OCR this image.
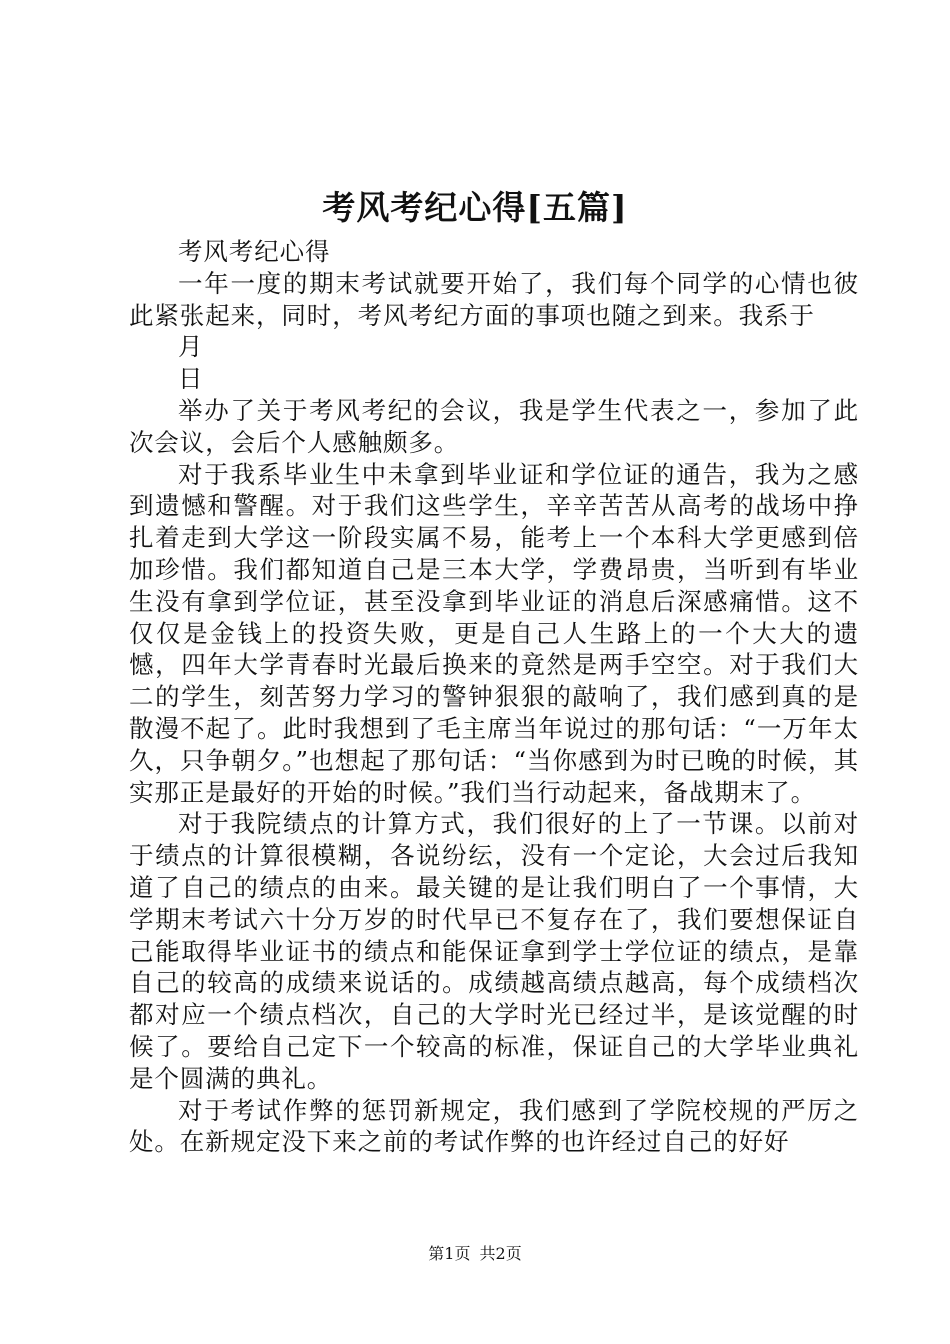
考风考纪心得[五篇]

考风考纪心得

一年一度的期末考试就要开始了，我们每个同学的心情也彼此紧张起来，同时，考风考纪方面的事项也随之到来。我系于

月

日

举办了关于考风考纪的会议，我是学生代表之一，参加了此次会议，会后个人感触颇多。

对于我系毕业生中未拿到毕业证和学位证的通告，我为之感到遗憾和警醒。对于我们这些学生，辛辛苦苦从高考的战场中挣扎着走到大学这一阶段实属不易，能考上一个本科大学更感到倍加珍惜。我们都知道自己是三本大学，学费昂贵，当听到有毕业生没有拿到学位证，甚至没拿到毕业证的消息后深感痛惜。这不仅仅是金钱上的投资失败，更是自己人生路上的一个大大的遗憾，四年大学青春时光最后换来的竟然是两手空空。对于我们大二的学生，刻苦努力学习的警钟狠狠的敲响了，我们感到真的是散漫不起了。此时我想到了毛主席当年说过的那句话：“一万年太久，只争朝夕。”也想起了那句话：“当你感到为时已晚的时候，其实那正是最好的开始的时候。”我们当行动起来，备战期末了。

对于我院绩点的计算方式，我们很好的上了一节课。以前对于绩点的计算很模糊，各说纷纭，没有一个定论，大会过后我知道了自己的绩点的由来。最关键的是让我们明白了一个事情，大学期末考试六十分万岁的时代早已不复存在了，我们要想保证自己能取得毕业证书的绩点和能保证拿到学士学位证的绩点，是靠自己的较高的成绩来说话的。成绩越高绩点越高，每个成绩档次都对应一个绩点档次，自己的大学时光已经过半，是该觉醒的时候了。要给自己定下一个较高的标准，保证自己的大学毕业典礼是个圆满的典礼。

对于考试作弊的惩罚新规定，我们感到了学院校规的严厉之处。在新规定没下来之前的考试作弊的也许经过自己的好好

第1页 共2页
